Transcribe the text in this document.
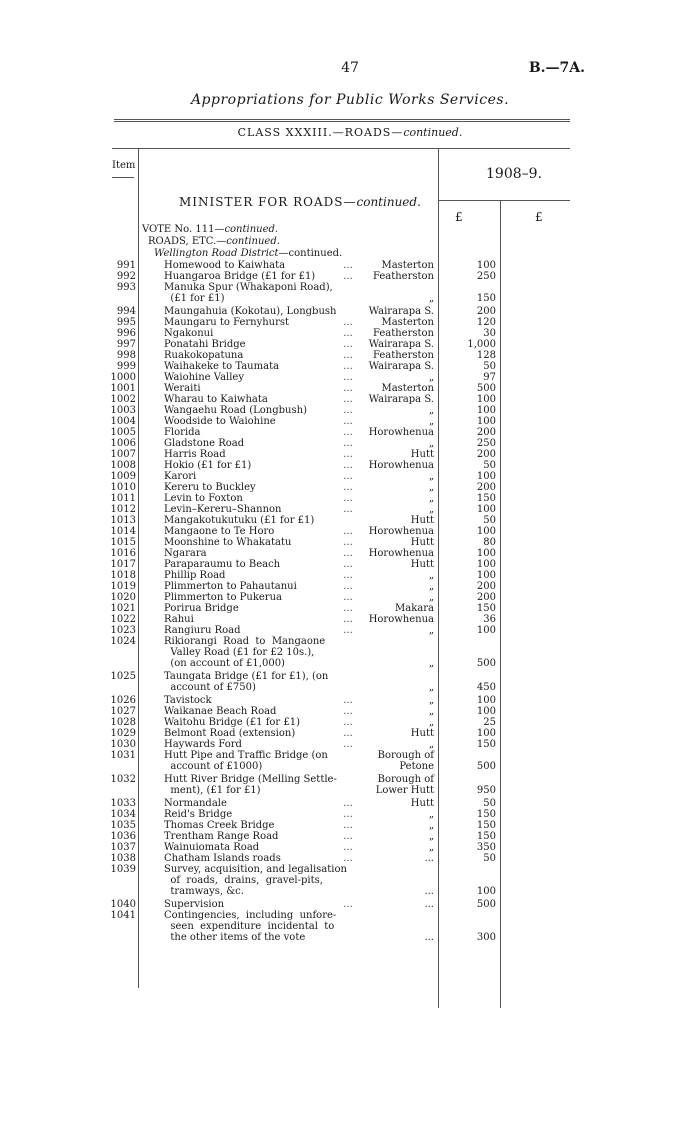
47	B.—7A.
Appropriations for Public Works Services.
CLASS XXXIII.—ROADS—continued.
Item
1908–9.
MINISTER FOR ROADS—continued.
£	£
VOTE No. 111—continued.
ROADS, ETC.—continued.
Wellington Road District—continued.
991	Homewood to Kaiwhata	...	Masterton	100
992	Huangaroa Bridge (£1 for £1)	...	Featherston	250
993	Manuka Spur (Whakaponi Road),
(£1 for £1)	„	150
994	Maungahuia (Kokotau), Longbush	Wairarapa S.	200
995	Maungaru to Fernyhurst	...	Masterton	120
996	Ngakonui	...	Featherston	30
997	Ponatahi Bridge	...	Wairarapa S.	1,000
998	Ruakokopatuna	...	Featherston	128
999	Waihakeke to Taumata	...	Wairarapa S.	50
1000	Waiohine Valley	...	„	97
1001	Weraiti	...	Masterton	500
1002	Wharau to Kaiwhata	...	Wairarapa S.	100
1003	Wangaehu Road (Longbush)	...	„	100
1004	Woodside to Waiohine	...	„	100
1005	Florida	...	Horowhenua	200
1006	Gladstone Road	...	„	250
1007	Harris Road	...	Hutt	200
1008	Hokio (£1 for £1)	...	Horowhenua	50
1009	Karori	...	„	100
1010	Kereru to Buckley	...	„	200
1011	Levin to Foxton	...	„	150
1012	Levin–Kereru–Shannon	...	„	100
1013	Mangakotukutuku (£1 for £1)	Hutt	50
1014	Mangaone to Te Horo	...	Horowhenua	100
1015	Moonshine to Whakatatu	...	Hutt	80
1016	Ngarara	...	Horowhenua	100
1017	Paraparaumu to Beach	...	Hutt	100
1018	Phillip Road	...	„	100
1019	Plimmerton to Pahautanui	...	„	200
1020	Plimmerton to Pukerua	...	„	200
1021	Porirua Bridge	...	Makara	150
1022	Rahui	...	Horowhenua	36
1023	Rangiuru Road	...	„	100
1024	Rikiorangi  Road  to  Mangaone
Valley Road (£1 for £2 10s.),
(on account of £1,000)	„	500
1025	Taungata Bridge (£1 for £1), (on
account of £750)	„	450
1026	Tavistock	...	„	100
1027	Waikanae Beach Road	...	„	100
1028	Waitohu Bridge (£1 for £1)	...	„	25
1029	Belmont Road (extension)	...	Hutt	100
1030	Haywards Ford	...	„	150
1031	Hutt Pipe and Traffic Bridge (on
account of £1000)
Borough of
Petone	500
1032	Hutt River Bridge (Melling Settle-
ment), (£1 for £1)
Borough of
Lower Hutt	950
1033	Normandale	...	Hutt	50
1034	Reid's Bridge	...	„	150
1035	Thomas Creek Bridge	...	„	150
1036	Trentham Range Road	...	„	150
1037	Wainuiomata Road	...	„	350
1038	Chatham Islands roads	...	...	50
1039	Survey, acquisition, and legalisation
of  roads,  drains,  gravel-pits,
tramways, &c.	...	100
1040	Supervision	...	...	500
1041	Contingencies,  including  unfore-
seen  expenditure  incidental  to
the other items of the vote	...	300
